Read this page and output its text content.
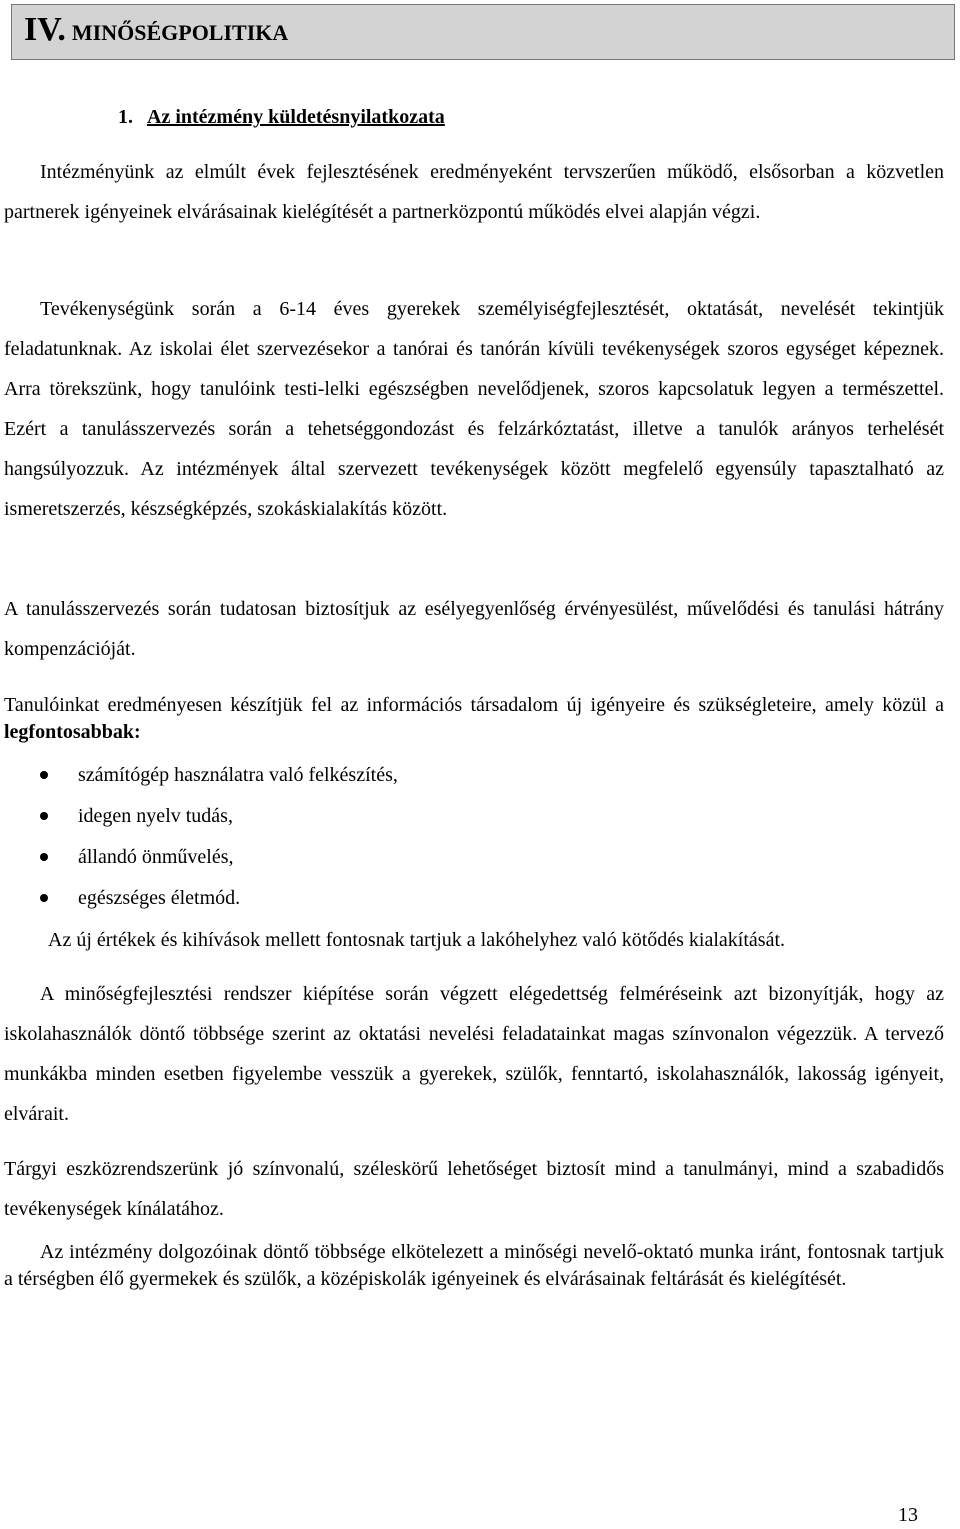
IV. MINŐSÉGPOLITIKA
1. Az intézmény küldetésnyilatkozata
Intézményünk az elmúlt évek fejlesztésének eredményeként tervszerűen működő, elsősorban a közvetlen partnerek igényeinek elvárásainak kielégítését a partnerközpontú működés elvei alapján végzi.
Tevékenységünk során a 6-14 éves gyerekek személyiségfejlesztését, oktatását, nevelését tekintjük feladatunknak. Az iskolai élet szervezésekor a tanórai és tanórán kívüli tevékenységek szoros egységet képeznek. Arra törekszünk, hogy tanulóink testi-lelki egészségben nevelődjenek, szoros kapcsolatuk legyen a természettel. Ezért a tanulásszervezés során a tehetséggondozást és felzárkóztatást, illetve a tanulók arányos terhelését hangsúlyozzuk. Az intézmények által szervezett tevékenységek között megfelelő egyensúly tapasztalható az ismeretszerzés, készségképzés, szokáskialakítás között.
A tanulásszervezés során tudatosan biztosítjuk az esélyegyenlőség érvényesülést, művelődési és tanulási hátrány kompenzációját.
Tanulóinkat eredményesen készítjük fel az információs társadalom új igényeire és szükségleteire, amely közül a legfontosabbak:
számítógép használatra való felkészítés,
idegen nyelv tudás,
állandó önművelés,
egészséges életmód.
Az új értékek és kihívások mellett fontosnak tartjuk a lakóhelyhez való kötődés kialakítását.
A minőségfejlesztési rendszer kiépítése során végzett elégedettség felméréseink azt bizonyítják, hogy az iskolahasználók döntő többsége szerint az oktatási nevelési feladatainkat magas színvonalon végezzük. A tervező munkákba minden esetben figyelembe vesszük a gyerekek, szülők, fenntartó, iskolahasználók, lakosság igényeit, elvárait.
Tárgyi eszközrendszerünk jó színvonalú, széleskörű lehetőséget biztosít mind a tanulmányi, mind a szabadidős tevékenységek kínálatához.
Az intézmény dolgozóinak döntő többsége elkötelezett a minőségi nevelő-oktató munka iránt, fontosnak tartjuk a térségben élő gyermekek és szülők, a középiskolák igényeinek és elvárásainak feltárását és kielégítését.
13
